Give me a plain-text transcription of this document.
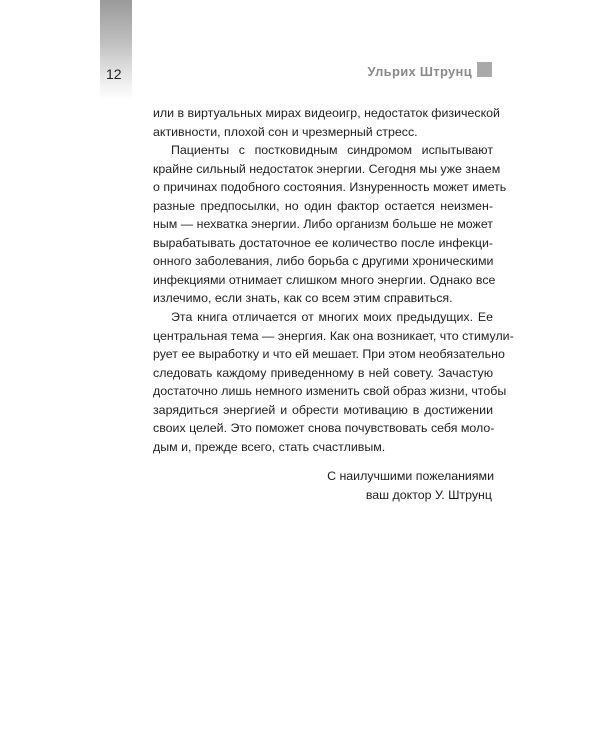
12	Ульрих Штрунц
или в виртуальных мирах видеоигр, недостаток физической
активности, плохой сон и чрезмерный стресс.
Пациенты с постковидным синдромом испытывают
крайне сильный недостаток энергии. Сегодня мы уже знаем
о причинах подобного состояния. Изнуренность может иметь
разные предпосылки, но один фактор остается неизмен-
ным — нехватка энергии. Либо организм больше не может
вырабатывать достаточное ее количество после инфекци-
онного заболевания, либо борьба с другими хроническими
инфекциями отнимает слишком много энергии. Однако все
излечимо, если знать, как со всем этим справиться.
Эта книга отличается от многих моих предыдущих. Ее
центральная тема — энергия. Как она возникает, что стимули-
рует ее выработку и что ей мешает. При этом необязательно
следовать каждому приведенному в ней совету. Зачастую
достаточно лишь немного изменить свой образ жизни, чтобы
зарядиться энергией и обрести мотивацию в достижении
своих целей. Это поможет снова почувствовать себя моло-
дым и, прежде всего, стать счастливым.
С наилучшими пожеланиями
ваш доктор У. Штрунц
